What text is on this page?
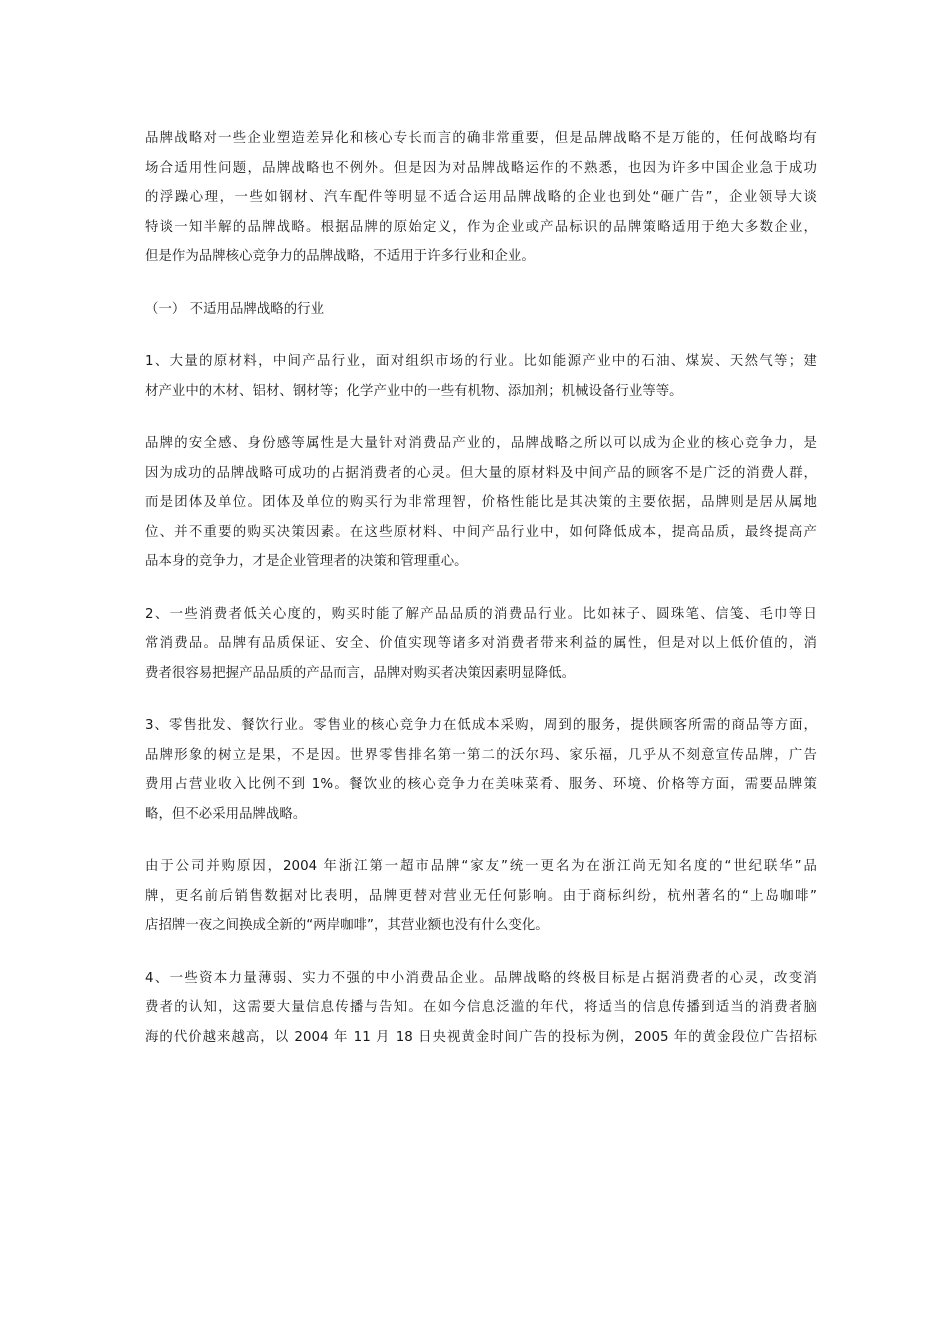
品牌战略对一些企业塑造差异化和核心专长而言的确非常重要，但是品牌战略不是万能的，任何战略均有
场合适用性问题，品牌战略也不例外。但是因为对品牌战略运作的不熟悉，也因为许多中国企业急于成功
的浮躁心理，一些如钢材、汽车配件等明显不适合运用品牌战略的企业也到处“砸广告”，企业领导大谈
特谈一知半解的品牌战略。根据品牌的原始定义，作为企业或产品标识的品牌策略适用于绝大多数企业，
但是作为品牌核心竞争力的品牌战略，不适用于许多行业和企业。
（一） 不适用品牌战略的行业
1、大量的原材料，中间产品行业，面对组织市场的行业。比如能源产业中的石油、煤炭、天然气等；建
材产业中的木材、铝材、钢材等；化学产业中的一些有机物、添加剂；机械设备行业等等。
品牌的安全感、身份感等属性是大量针对消费品产业的，品牌战略之所以可以成为企业的核心竞争力，是
因为成功的品牌战略可成功的占据消费者的心灵。但大量的原材料及中间产品的顾客不是广泛的消费人群，
而是团体及单位。团体及单位的购买行为非常理智，价格性能比是其决策的主要依据，品牌则是居从属地
位、并不重要的购买决策因素。在这些原材料、中间产品行业中，如何降低成本，提高品质，最终提高产
品本身的竞争力，才是企业管理者的决策和管理重心。
2、一些消费者低关心度的，购买时能了解产品品质的消费品行业。比如袜子、圆珠笔、信笺、毛巾等日
常消费品。品牌有品质保证、安全、价值实现等诸多对消费者带来利益的属性，但是对以上低价值的，消
费者很容易把握产品品质的产品而言，品牌对购买者决策因素明显降低。
3、零售批发、餐饮行业。零售业的核心竞争力在低成本采购，周到的服务，提供顾客所需的商品等方面，
品牌形象的树立是果，不是因。世界零售排名第一第二的沃尔玛、家乐福，几乎从不刻意宣传品牌，广告
费用占营业收入比例不到 1%。餐饮业的核心竞争力在美味菜肴、服务、环境、价格等方面，需要品牌策
略，但不必采用品牌战略。
由于公司并购原因，2004 年浙江第一超市品牌“家友”统一更名为在浙江尚无知名度的“世纪联华”品
牌，更名前后销售数据对比表明，品牌更替对营业无任何影响。由于商标纠纷，杭州著名的“上岛咖啡”
店招牌一夜之间换成全新的“两岸咖啡”，其营业额也没有什么变化。
4、一些资本力量薄弱、实力不强的中小消费品企业。品牌战略的终极目标是占据消费者的心灵，改变消
费者的认知，这需要大量信息传播与告知。在如今信息泛滥的年代，将适当的信息传播到适当的消费者脑
海的代价越来越高，以 2004 年 11 月 18 日央视黄金时间广告的投标为例，2005 年的黄金段位广告招标
